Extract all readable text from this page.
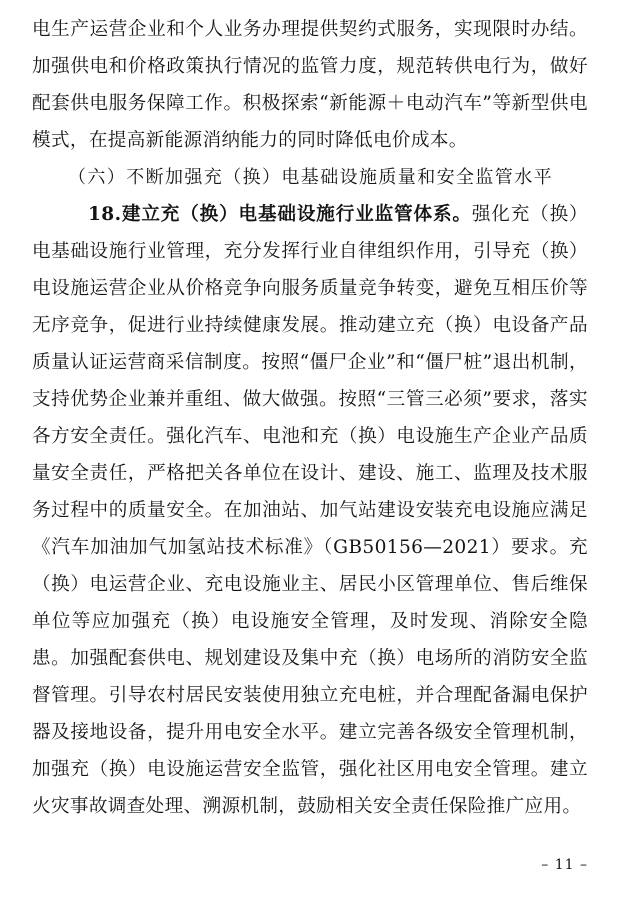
电生产运营企业和个人业务办理提供契约式服务，实现限时办结。加强供电和价格政策执行情况的监管力度，规范转供电行为，做好配套供电服务保障工作。积极探索“新能源＋电动汽车”等新型供电模式，在提高新能源消纳能力的同时降低电价成本。

（六）不断加强充（换）电基础设施质量和安全监管水平

18.建立充（换）电基础设施行业监管体系。强化充（换）电基础设施行业管理，充分发挥行业自律组织作用，引导充（换）电设施运营企业从价格竞争向服务质量竞争转变，避免互相压价等无序竞争，促进行业持续健康发展。推动建立充（换）电设备产品质量认证运营商采信制度。按照“僵尸企业”和“僵尸桩”退出机制，支持优势企业兼并重组、做大做强。按照“三管三必须”要求，落实各方安全责任。强化汽车、电池和充（换）电设施生产企业产品质量安全责任，严格把关各单位在设计、建设、施工、监理及技术服务过程中的质量安全。在加油站、加气站建设安装充电设施应满足《汽车加油加气加氢站技术标准》（GB50156—2021）要求。充（换）电运营企业、充电设施业主、居民小区管理单位、售后维保单位等应加强充（换）电设施安全管理，及时发现、消除安全隐患。加强配套供电、规划建设及集中充（换）电场所的消防安全监督管理。引导农村居民安装使用独立充电桩，并合理配备漏电保护器及接地设备，提升用电安全水平。建立完善各级安全管理机制，加强充（换）电设施运营安全监管，强化社区用电安全管理。建立火灾事故调查处理、溯源机制，鼓励相关安全责任保险推广应用。

– 11 –
